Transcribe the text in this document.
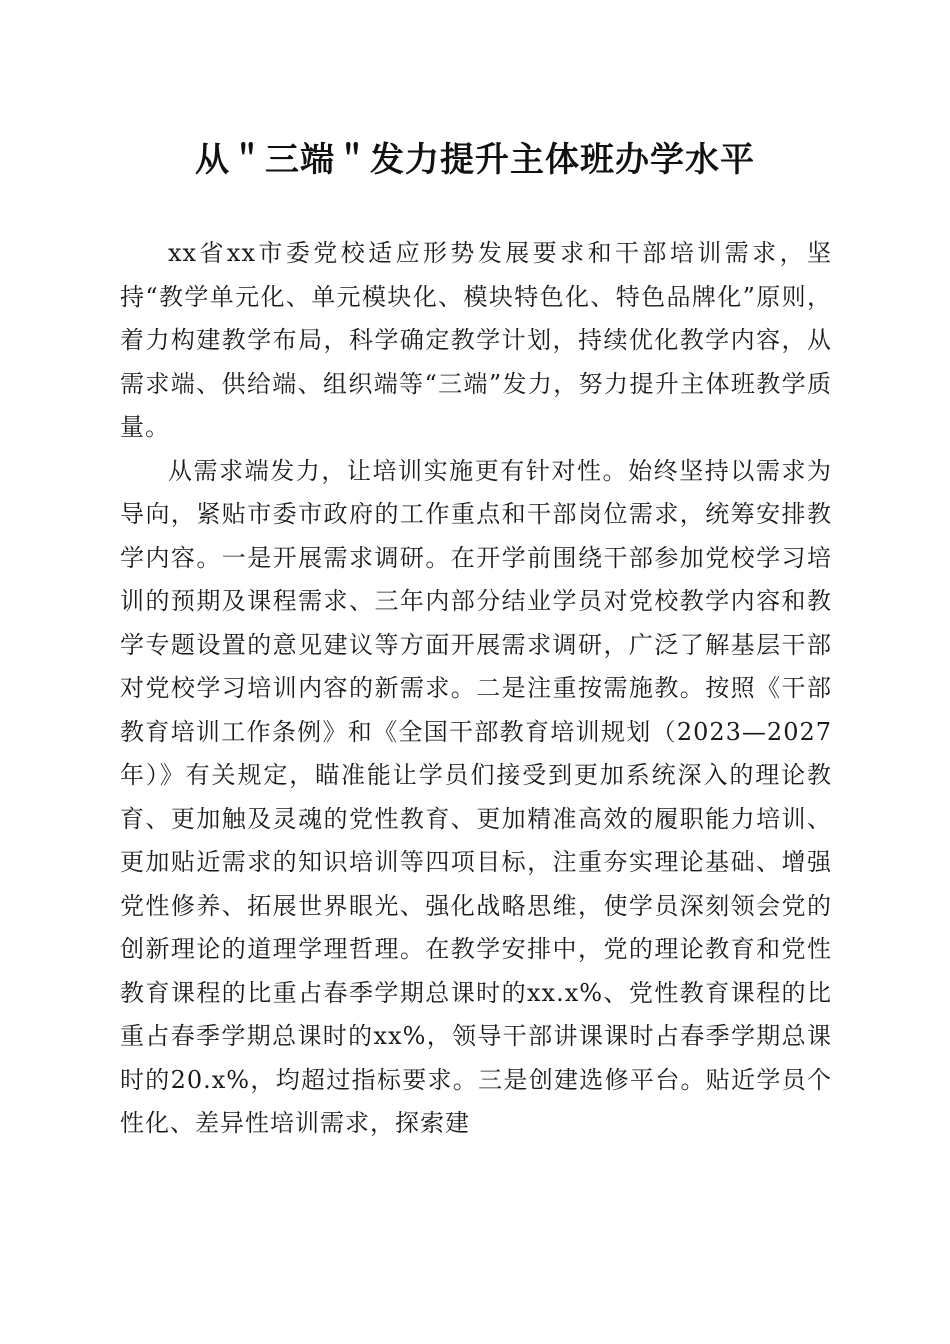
从＂三端＂发力提升主体班办学水平

xx省xx市委党校适应形势发展要求和干部培训需求，坚持“教学单元化、单元模块化、模块特色化、特色品牌化”原则，着力构建教学布局，科学确定教学计划，持续优化教学内容，从需求端、供给端、组织端等“三端”发力，努力提升主体班教学质量。

从需求端发力，让培训实施更有针对性。始终坚持以需求为导向，紧贴市委市政府的工作重点和干部岗位需求，统筹安排教学内容。一是开展需求调研。在开学前围绕干部参加党校学习培训的预期及课程需求、三年内部分结业学员对党校教学内容和教学专题设置的意见建议等方面开展需求调研，广泛了解基层干部对党校学习培训内容的新需求。二是注重按需施教。按照《干部教育培训工作条例》和《全国干部教育培训规划（2023—2027年）》有关规定，瞄准能让学员们接受到更加系统深入的理论教育、更加触及灵魂的党性教育、更加精准高效的履职能力培训、更加贴近需求的知识培训等四项目标，注重夯实理论基础、增强党性修养、拓展世界眼光、强化战略思维，使学员深刻领会党的创新理论的道理学理哲理。在教学安排中，党的理论教育和党性教育课程的比重占春季学期总课时的xx.x%、党性教育课程的比重占春季学期总课时的xx%，领导干部讲课课时占春季学期总课时的20.x%，均超过指标要求。三是创建选修平台。贴近学员个性化、差异性培训需求，探索建
